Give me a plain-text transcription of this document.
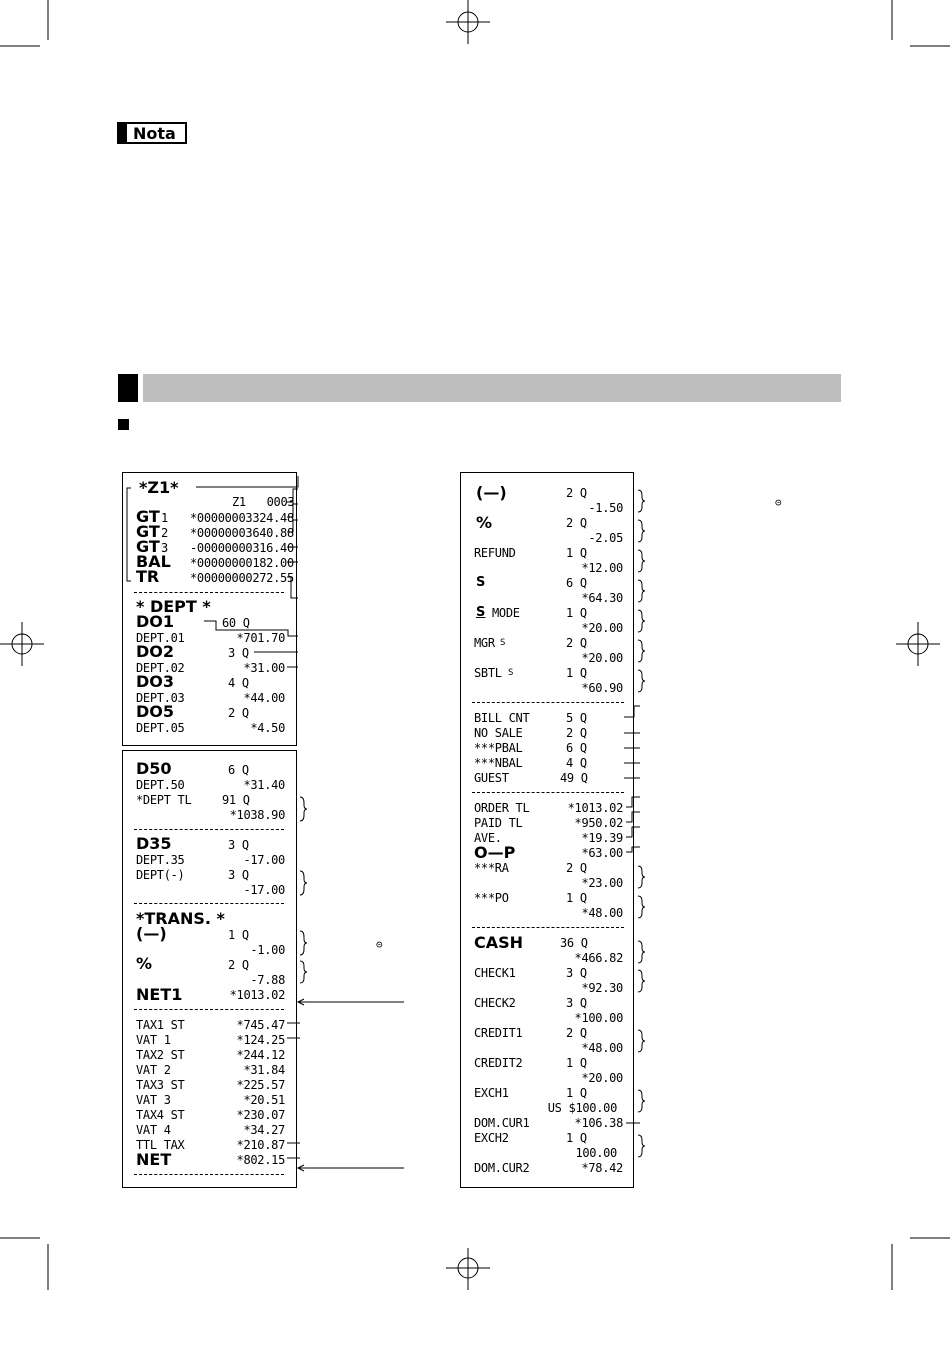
Nota
*Z1*
Z1   0003
GT 1 *00000003324.48
GT 2 *00000003640.88
GT 3 -00000000316.40
BAL *00000000182.00
TR	*00000000272.55
* DEPT *
DO1	60 Q
DEPT.01	*701.70
DO2	3 Q
DEPT.02	*31.00
DO3	4 Q
DEPT.03	*44.00
DO5	2 Q
DEPT.05	*4.50
D50	6 Q
DEPT.50	*31.40
*DEPT TL	91 Q
*1038.90
D35	3 Q
DEPT.35	-17.00
DEPT(-)	3 Q
-17.00
*TRANS. *
(—)	1 Q
-1.00
%	2 Q
-7.88
NET1	*1013.02
TAX1 ST	*745.47
VAT 1	*124.25
TAX2 ST	*244.12
VAT 2	*31.84
TAX3 ST	*225.57
VAT 3	*20.51
TAX4 ST	*230.07
VAT 4	*34.27
TTL TAX	*210.87
NET	*802.15
(—)	2 Q
-1.50
%	2 Q
-2.05
REFUND	1 Q
*12.00
S	6 Q
*64.30
S MODE	1 Q
*20.00
MGR S	2 Q
*20.00
SBTL S	1 Q
*60.90
BILL CNT	5 Q
NO SALE	2 Q
***PBAL	6 Q
***NBAL	4 Q
GUEST	49 Q
ORDER TL	*1013.02
PAID TL	*950.02
AVE.	*19.39
O—P	*63.00
***RA	2 Q
*23.00
***PO	1 Q
*48.00
CASH	36 Q
*466.82
CHECK1	3 Q
*92.30
CHECK2	3 Q
*100.00
CREDIT1	2 Q
*48.00
CREDIT2	1 Q
*20.00
EXCH1	1 Q
US $100.00
DOM.CUR1	*106.38
EXCH2	1 Q
100.00
DOM.CUR2	*78.42
⊝
⊝
